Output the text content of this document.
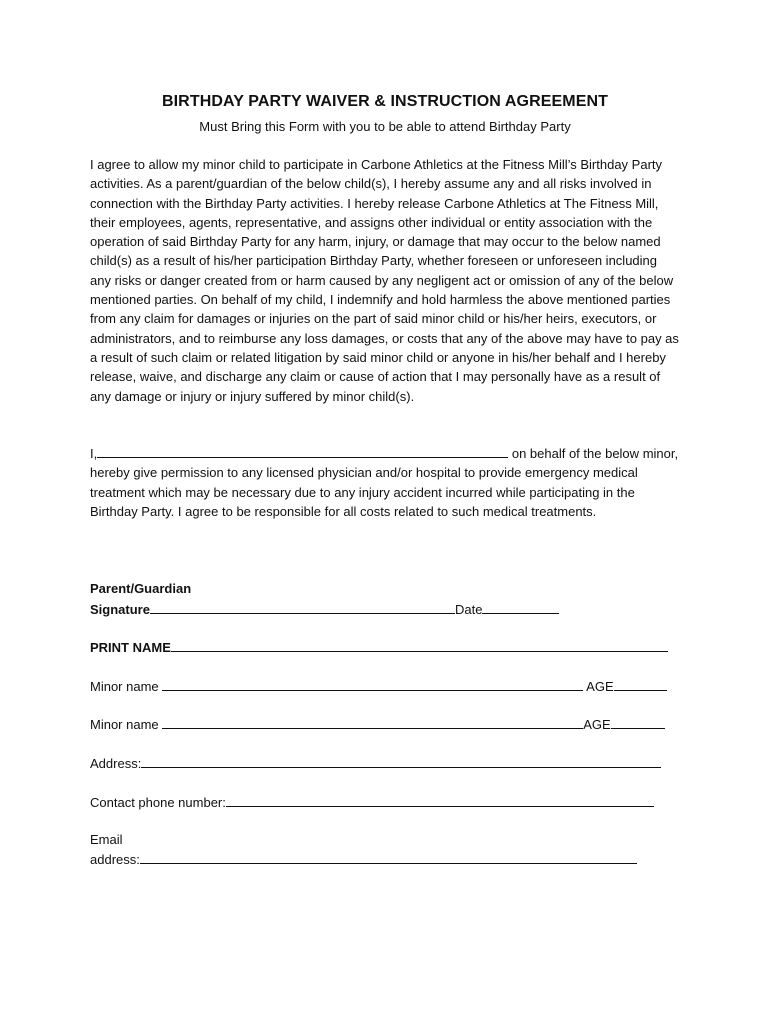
BIRTHDAY PARTY WAIVER & INSTRUCTION AGREEMENT
Must Bring this Form with you to be able to attend Birthday Party
I agree to allow my minor child to participate in Carbone Athletics at the Fitness Mill’s Birthday Party activities. As a parent/guardian of the below child(s), I hereby assume any and all risks involved in connection with the Birthday Party activities. I hereby release Carbone Athletics at The Fitness Mill, their employees, agents, representative, and assigns other individual or entity association with the operation of said Birthday Party for any harm, injury, or damage that may occur to the below named child(s) as a result of his/her participation Birthday Party, whether foreseen or unforeseen including any risks or danger created from or harm caused by any negligent act or omission of any of the below mentioned parties. On behalf of my child, I indemnify and hold harmless the above mentioned parties from any claim for damages or injuries on the part of said minor child or his/her heirs, executors, or administrators, and to reimburse any loss damages, or costs that any of the above may have to pay as a result of such claim or related litigation by said minor child or anyone in his/her behalf and I hereby release, waive, and discharge any claim or cause of action that I may personally have as a result of any damage or injury or injury suffered by minor child(s).
I,	on behalf of the below minor, hereby give permission to any licensed physician and/or hospital to provide emergency medical treatment which may be necessary due to any injury accident incurred while participating in the Birthday Party. I agree to be responsible for all costs related to such medical treatments.
Parent/Guardian
Signature	Date
PRINT NAME
Minor name	AGE
Minor name	AGE
Address:
Contact phone number:
Email
address:
